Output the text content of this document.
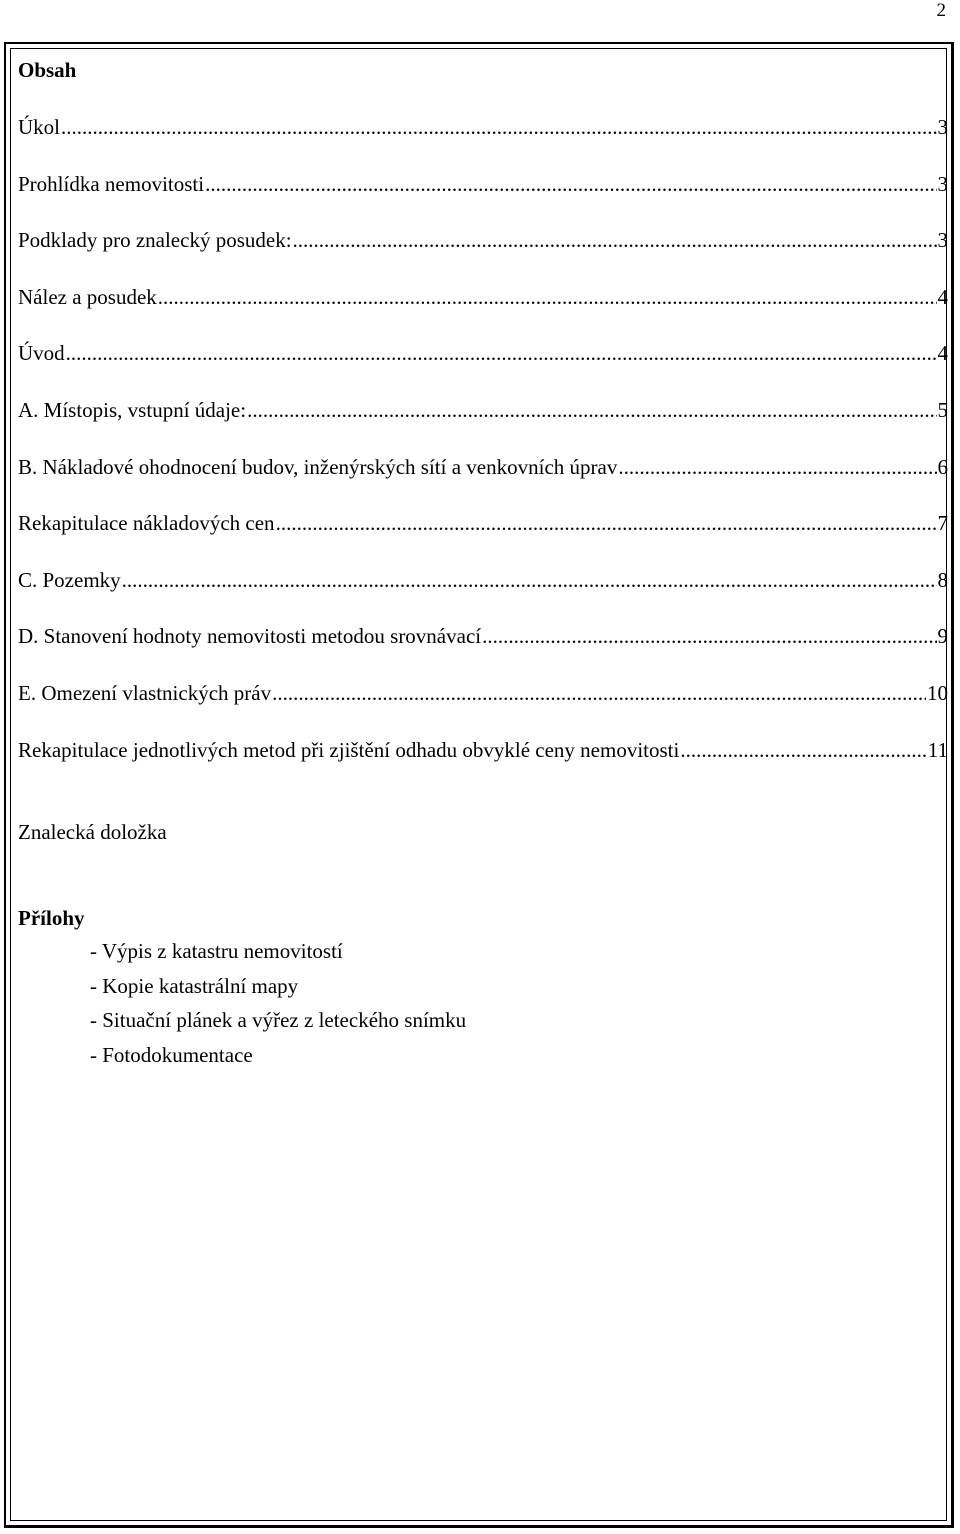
2
Obsah
Úkol .....	3
Prohlídka nemovitosti .....	3
Podklady pro znalecký posudek: .....	3
Nález a posudek .....	4
Úvod .....	4
A. Místopis, vstupní údaje: .....	5
B. Nákladové ohodnocení budov, inženýrských sítí a venkovních úprav .....	6
Rekapitulace nákladových cen .....	7
C. Pozemky .....	8
D. Stanovení hodnoty nemovitosti metodou srovnávací .....	9
E. Omezení vlastnických práv .....	10
Rekapitulace jednotlivých metod při zjištění odhadu obvyklé ceny nemovitosti .....	11
Znalecká doložka
Přílohy
- Výpis z katastru nemovitostí
- Kopie katastrální mapy
- Situační plánek a výřez z leteckého snímku
- Fotodokumentace
